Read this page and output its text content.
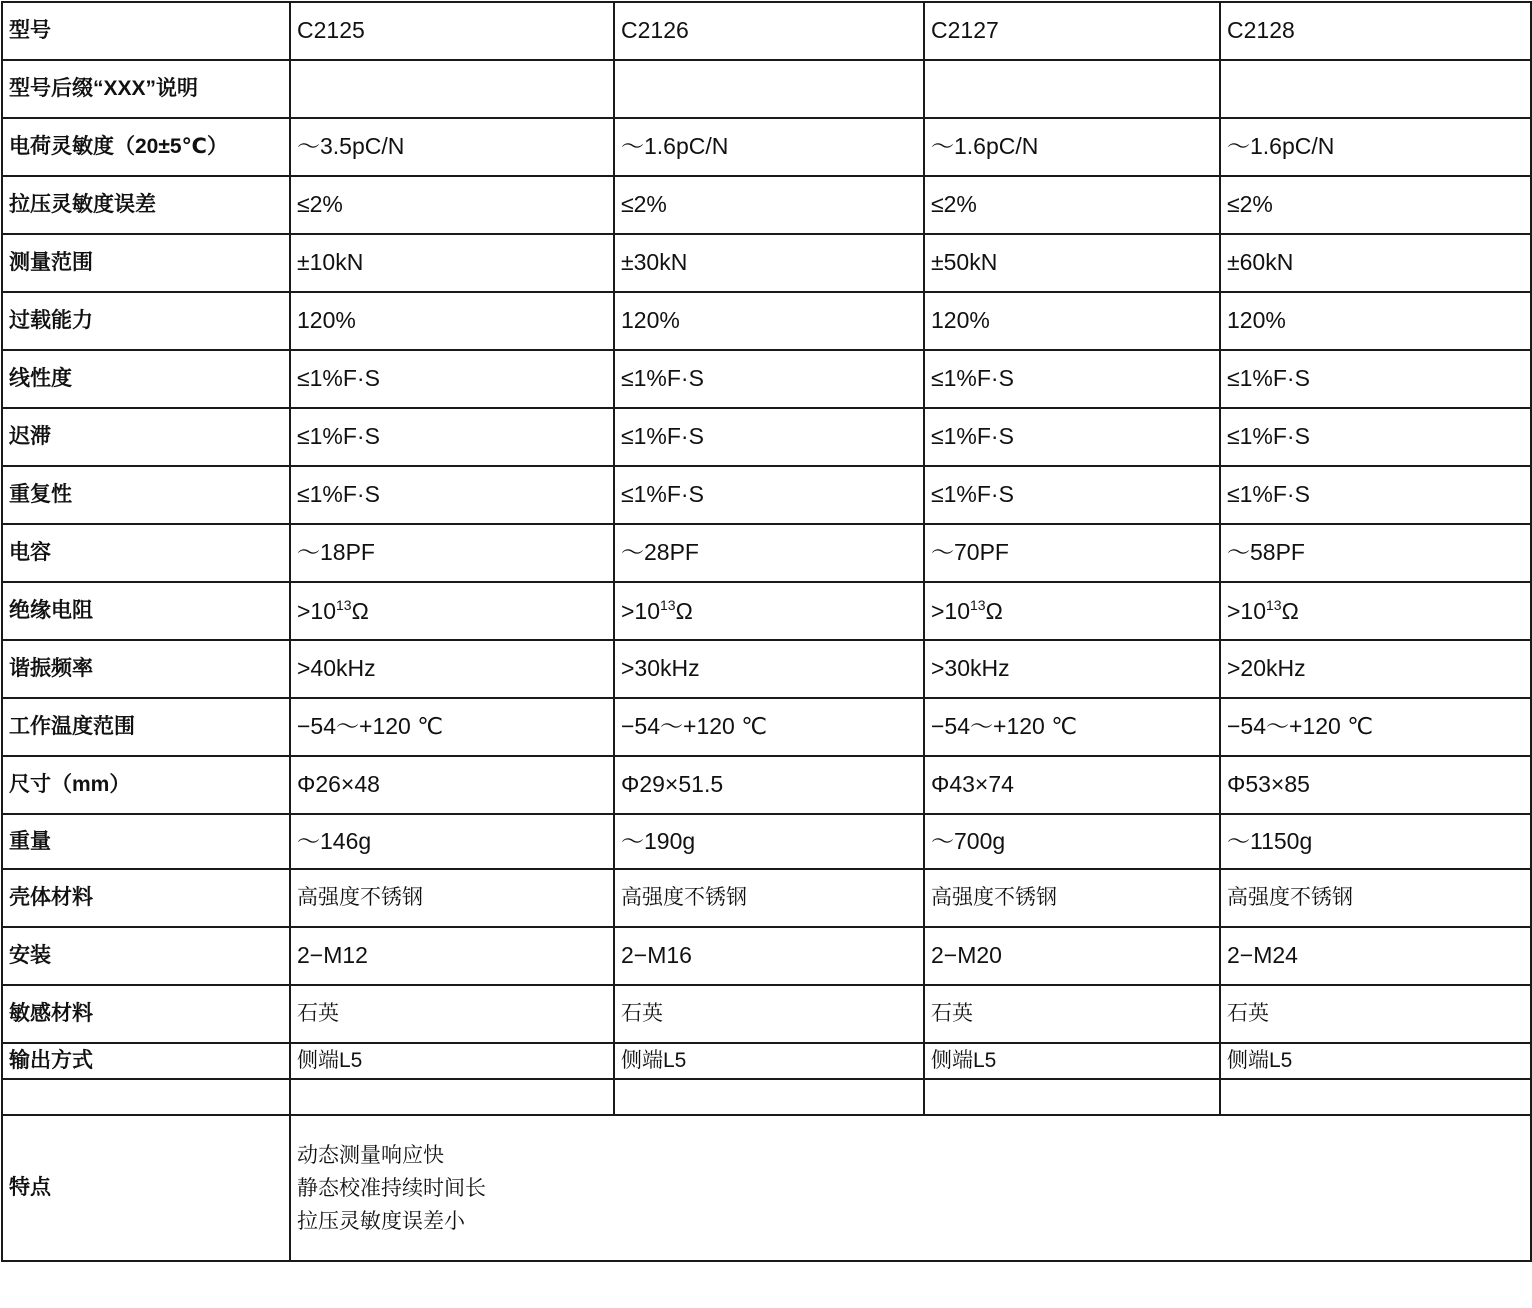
型号	C2125	C2126	C2127	C2128
型号后缀“XXX”说明				
电荷灵敏度（20±5℃）	～3.5pC/N	～1.6pC/N	～1.6pC/N	～1.6pC/N
拉压灵敏度误差	≤2%	≤2%	≤2%	≤2%
测量范围	±10kN	±30kN	±50kN	±60kN
过载能力	120%	120%	120%	120%
线性度	≤1%F·S	≤1%F·S	≤1%F·S	≤1%F·S
迟滞	≤1%F·S	≤1%F·S	≤1%F·S	≤1%F·S
重复性	≤1%F·S	≤1%F·S	≤1%F·S	≤1%F·S
电容	～18PF	～28PF	～70PF	～58PF
绝缘电阻	$>10^{13}\Omega$	$>10^{13}\Omega$	$>10^{13}\Omega$	$>10^{13}\Omega$
谐振频率	>40kHz	>30kHz	>30kHz	>20kHz
工作温度范围	−54～+120 ℃	−54～+120 ℃	−54～+120 ℃	−54～+120 ℃
尺寸（mm）	Φ26×48	Φ29×51.5	Φ43×74	Φ53×85
重量	～146g	～190g	～700g	～1150g
壳体材料	高强度不锈钢	高强度不锈钢	高强度不锈钢	高强度不锈钢
安装	2−M12	2−M16	2−M20	2−M24
敏感材料	石英	石英	石英	石英
输出方式	侧端L5	侧端L5	侧端L5	侧端L5

特点	动态测量响应快
静态校准持续时间长
拉压灵敏度误差小			
